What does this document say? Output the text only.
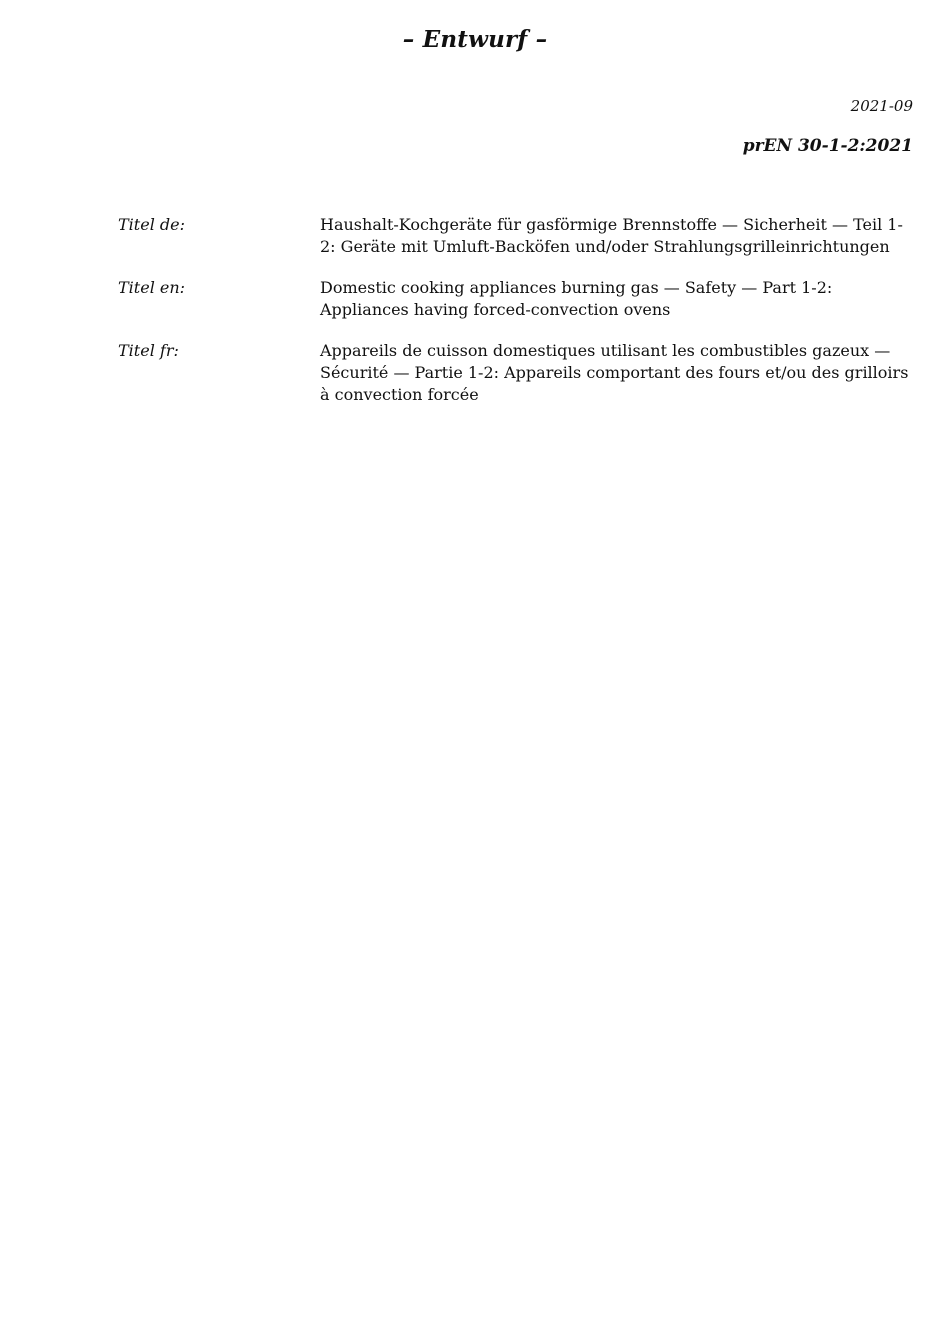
– Entwurf –
2021-09
prEN 30-1-2:2021
Titel de:	Haushalt-Kochgeräte für gasförmige Brennstoffe — Sicherheit — Teil 1-2: Geräte mit Umluft-Backöfen und/oder Strahlungsgrilleinrichtungen
Titel en:	Domestic cooking appliances burning gas — Safety — Part 1-2: Appliances having forced-convection ovens
Titel fr:	Appareils de cuisson domestiques utilisant les combustibles gazeux — Sécurité — Partie 1-2: Appareils comportant des fours et/ou des grilloirs à convection forcée
